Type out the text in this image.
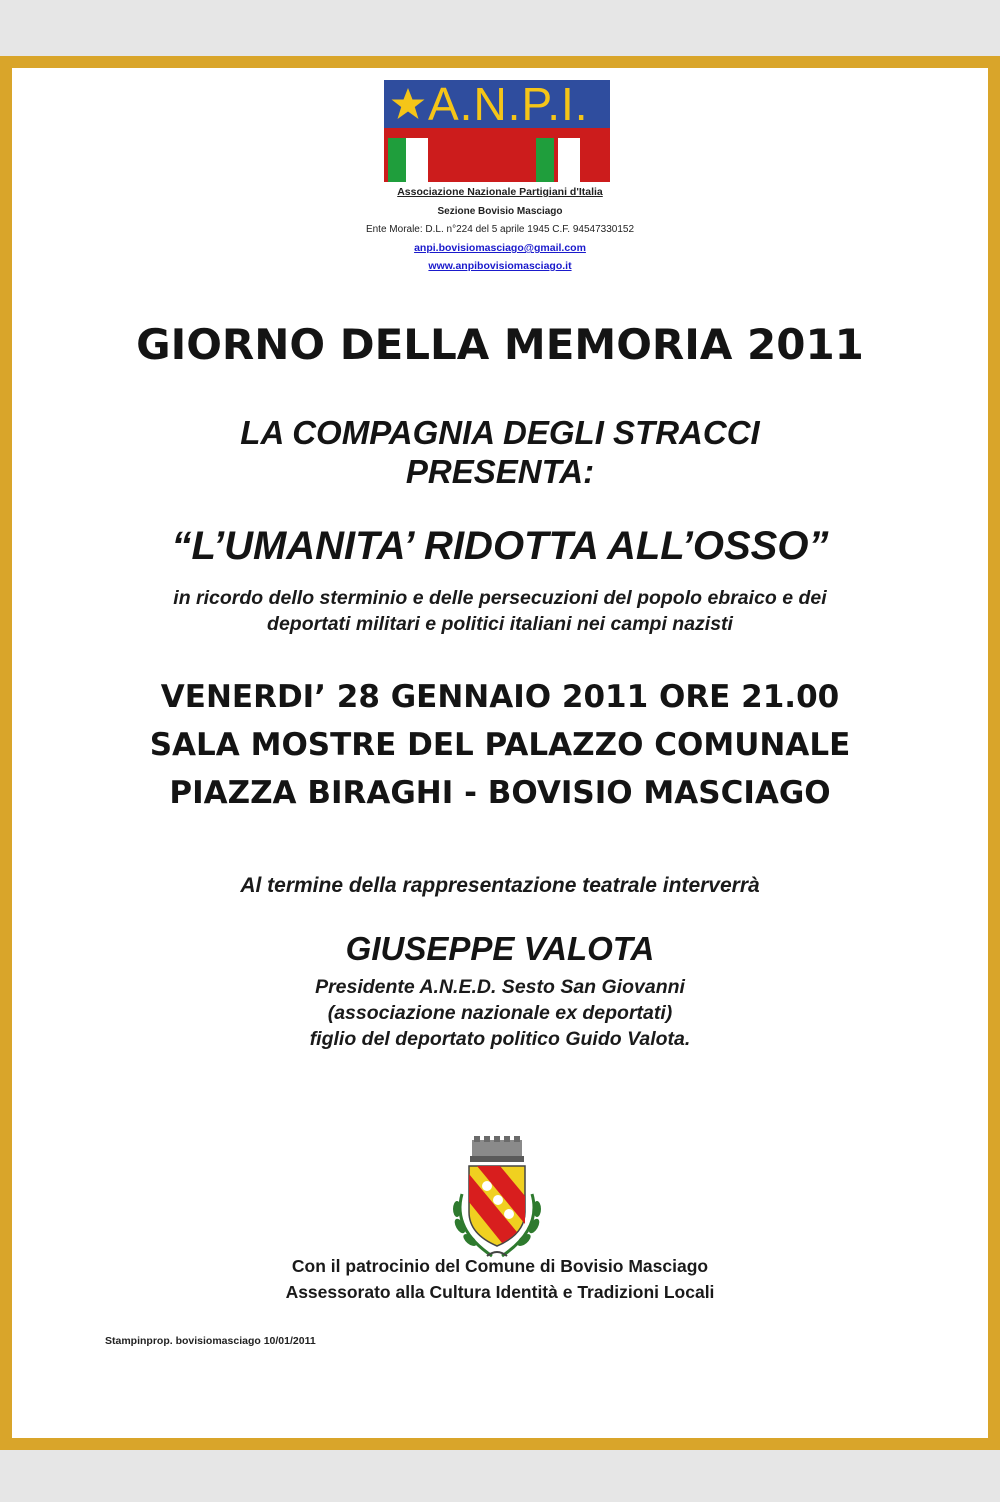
A.N.P.I.
Associazione Nazionale Partigiani d'Italia
Sezione Bovisio Masciago
Ente Morale: D.L. n°224 del 5 aprile 1945 C.F. 94547330152
anpi.bovisiomasciago@gmail.com
www.anpibovisiomasciago.it
GIORNO DELLA MEMORIA 2011
LA COMPAGNIA DEGLI STRACCI
PRESENTA:
“L’UMANITA’ RIDOTTA ALL’OSSO”
in ricordo dello sterminio e delle persecuzioni del popolo ebraico e dei
deportati militari e politici italiani nei campi nazisti
VENERDI’ 28 GENNAIO 2011 ORE 21.00
SALA MOSTRE DEL PALAZZO COMUNALE
PIAZZA BIRAGHI - BOVISIO MASCIAGO
Al termine della rappresentazione teatrale interverrà
GIUSEPPE VALOTA
Presidente A.N.E.D. Sesto San Giovanni
(associazione nazionale ex deportati)
figlio del deportato politico Guido Valota.
Con il patrocinio del Comune di Bovisio Masciago
Assessorato alla Cultura Identità e Tradizioni Locali
Stampinprop. bovisiomasciago 10/01/2011
